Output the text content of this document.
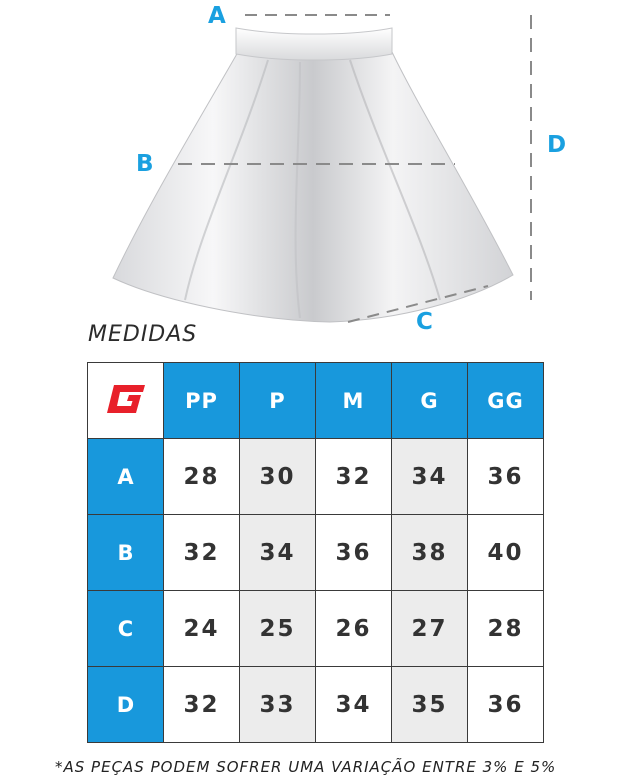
A
B
C
D
MEDIDAS
	PP	P	M	G	GG
A	28	30	32	34	36
B	32	34	36	38	40
C	24	25	26	27	28
D	32	33	34	35	36
*AS PEÇAS PODEM SOFRER UMA VARIAÇÃO ENTRE 3% E 5%
